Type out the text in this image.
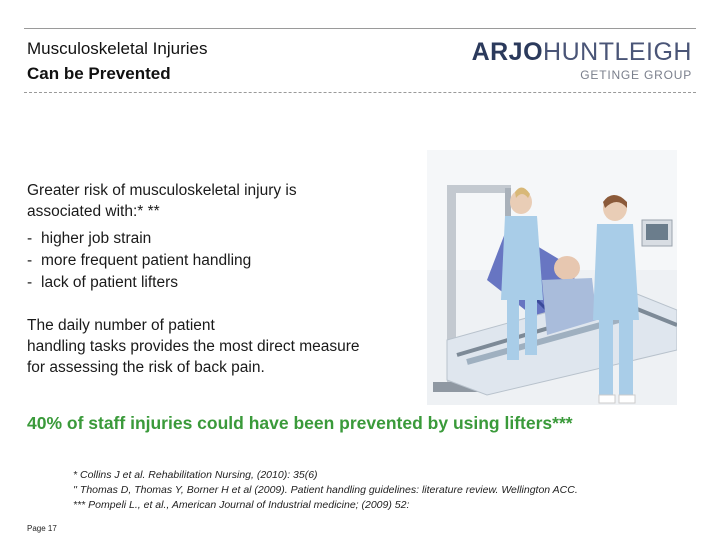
Musculoskeletal Injuries
Can be Prevented
ARJOHUNTLEIGH
GETINGE GROUP
Greater risk of musculoskeletal injury is
associated with:* **
- higher job strain
- more frequent patient handling
- lack of patient lifters
The daily number of patient
handling tasks provides the most direct measure
for assessing the risk of back pain.
40% of staff injuries could have been prevented by using lifters***
* Collins J et al. Rehabilitation Nursing, (2010): 35(6)
'' Thomas D, Thomas Y, Borner H et al (2009). Patient handling guidelines: literature review. Wellington ACC.
*** Pompeli L., et al., American Journal of Industrial medicine; (2009) 52:
Page 17
